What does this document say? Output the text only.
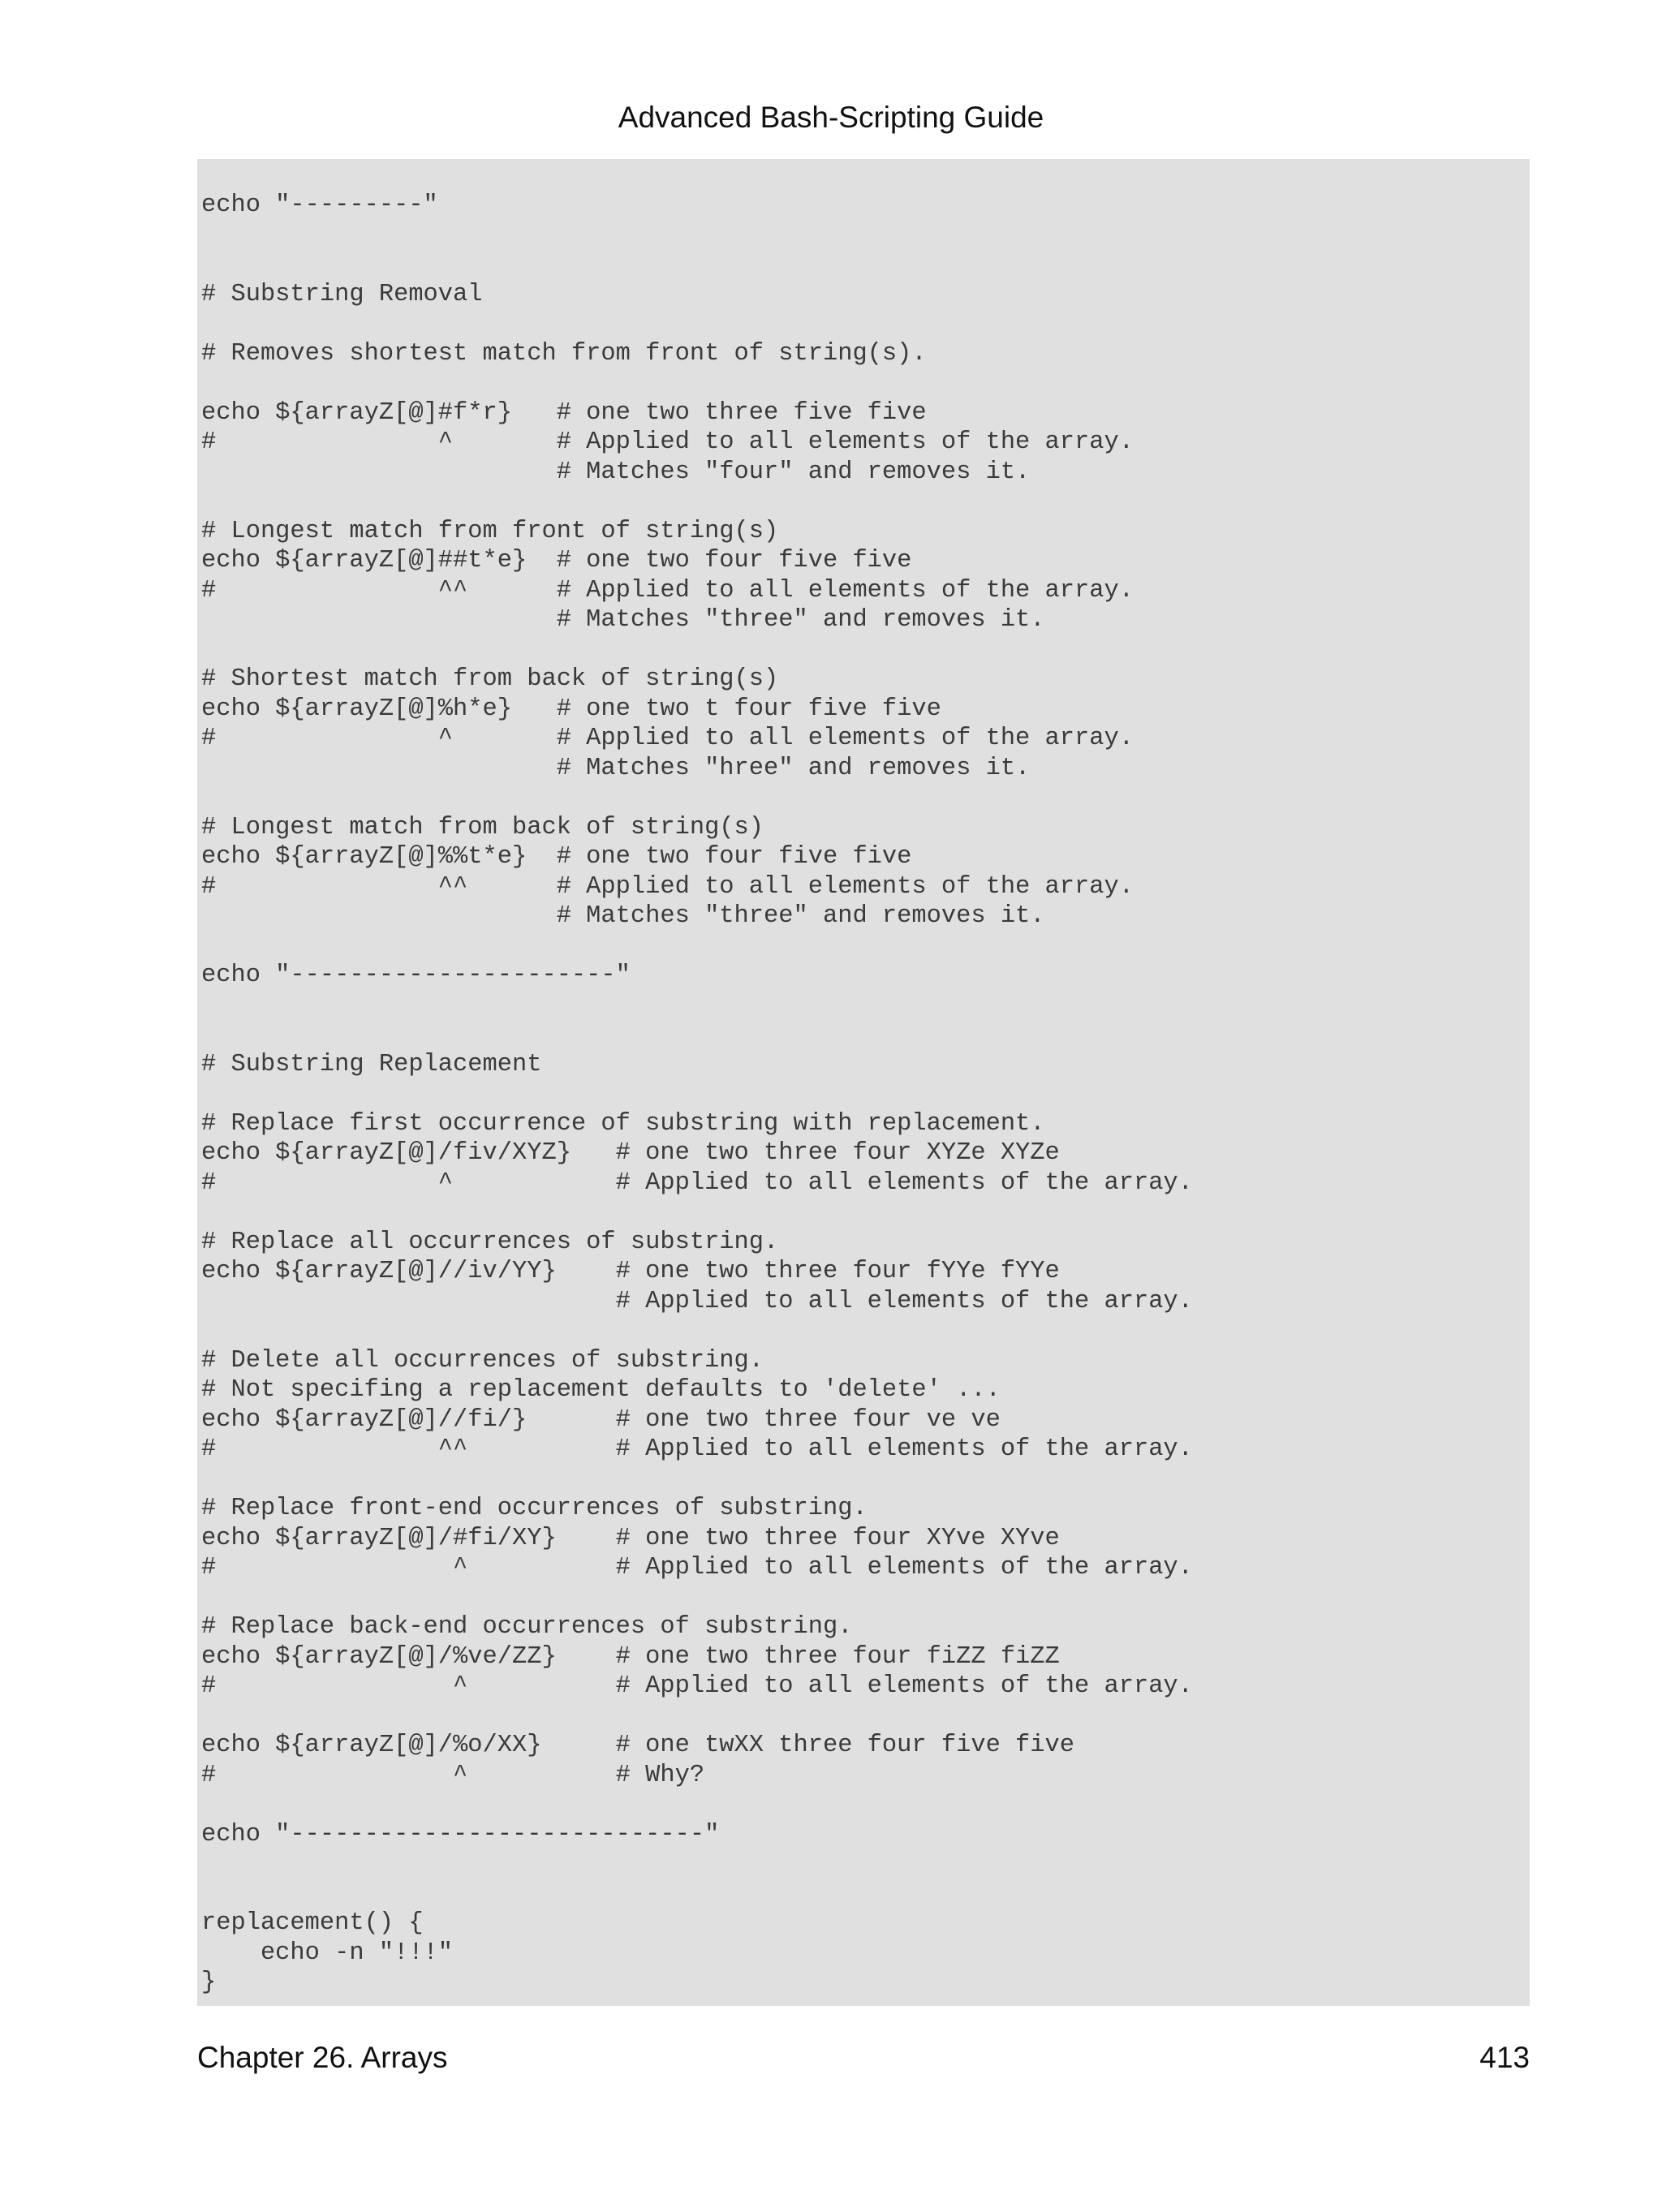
Advanced Bash-Scripting Guide
echo "---------"
# Substring Removal
# Removes shortest match from front of string(s).
echo ${arrayZ[@]#f*r}   # one two three five five
#               ^       # Applied to all elements of the array.
# Matches "four" and removes it.
# Longest match from front of string(s)
echo ${arrayZ[@]##t*e}  # one two four five five
#               ^^      # Applied to all elements of the array.
# Matches "three" and removes it.
# Shortest match from back of string(s)
echo ${arrayZ[@]%h*e}   # one two t four five five
#               ^       # Applied to all elements of the array.
# Matches "hree" and removes it.
# Longest match from back of string(s)
echo ${arrayZ[@]%%t*e}  # one two four five five
#               ^^      # Applied to all elements of the array.
# Matches "three" and removes it.
echo "----------------------"
# Substring Replacement
# Replace first occurrence of substring with replacement.
echo ${arrayZ[@]/fiv/XYZ}   # one two three four XYZe XYZe
#               ^           # Applied to all elements of the array.
# Replace all occurrences of substring.
echo ${arrayZ[@]//iv/YY}    # one two three four fYYe fYYe
# Applied to all elements of the array.
# Delete all occurrences of substring.
# Not specifing a replacement defaults to 'delete' ...
echo ${arrayZ[@]//fi/}      # one two three four ve ve
#               ^^          # Applied to all elements of the array.
# Replace front-end occurrences of substring.
echo ${arrayZ[@]/#fi/XY}    # one two three four XYve XYve
#                ^          # Applied to all elements of the array.
# Replace back-end occurrences of substring.
echo ${arrayZ[@]/%ve/ZZ}    # one two three four fiZZ fiZZ
#                ^          # Applied to all elements of the array.
echo ${arrayZ[@]/%o/XX}     # one twXX three four five five
#                ^          # Why?
echo "----------------------------"
replacement() {
echo -n "!!!"
}
Chapter 26. Arrays	413
